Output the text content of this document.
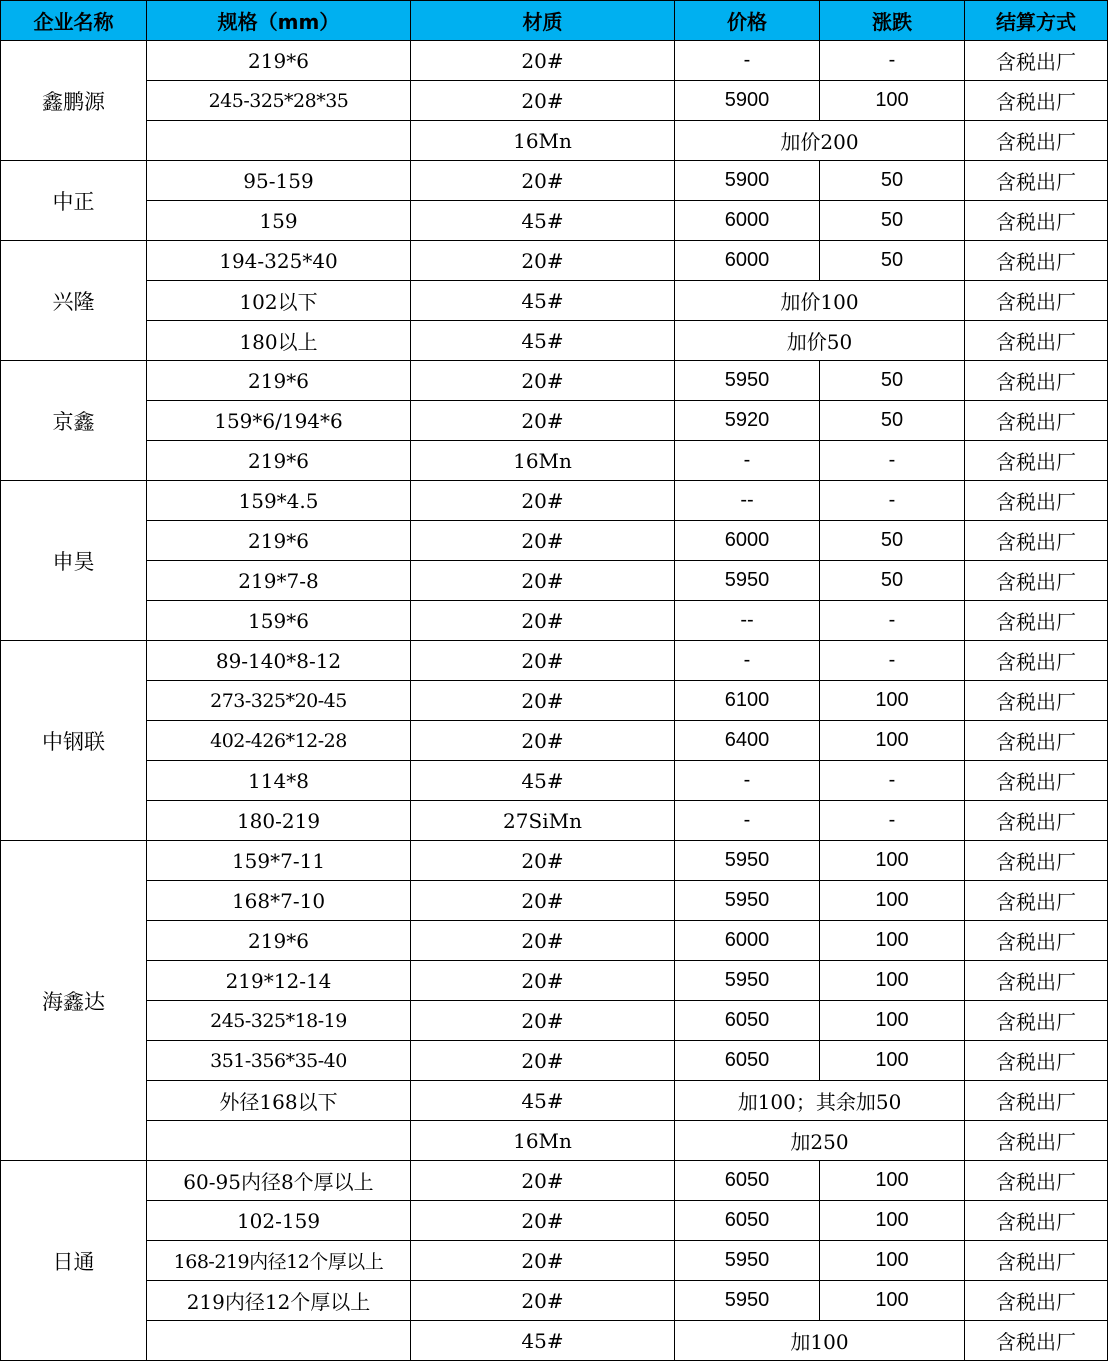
企业名称	规格（mm）	材质	价格	涨跌	结算方式
鑫鹏源	219*6	20#	-	-	含税出厂
	245-325*28*35	20#	5900	100	含税出厂
		16Mn	加价200		含税出厂
中正	95-159	20#	5900	50	含税出厂
	159	45#	6000	50	含税出厂
兴隆	194-325*40	20#	6000	50	含税出厂
	102以下	45#	加价100		含税出厂
	180以上	45#	加价50		含税出厂
京鑫	219*6	20#	5950	50	含税出厂
	159*6/194*6	20#	5920	50	含税出厂
	219*6	16Mn	-	-	含税出厂
申昊	159*4.5	20#	--	-	含税出厂
	219*6	20#	6000	50	含税出厂
	219*7-8	20#	5950	50	含税出厂
	159*6	20#	--	-	含税出厂
中钢联	89-140*8-12	20#	-	-	含税出厂
	273-325*20-45	20#	6100	100	含税出厂
	402-426*12-28	20#	6400	100	含税出厂
	114*8	45#	-	-	含税出厂
	180-219	27SiMn	-	-	含税出厂
海鑫达	159*7-11	20#	5950	100	含税出厂
	168*7-10	20#	5950	100	含税出厂
	219*6	20#	6000	100	含税出厂
	219*12-14	20#	5950	100	含税出厂
	245-325*18-19	20#	6050	100	含税出厂
	351-356*35-40	20#	6050	100	含税出厂
	外径168以下	45#	加100；其余加50		含税出厂
		16Mn	加250		含税出厂
日通	60-95内径8个厚以上	20#	6050	100	含税出厂
	102-159	20#	6050	100	含税出厂
	168-219内径12个厚以上	20#	5950	100	含税出厂
	219内径12个厚以上	20#	5950	100	含税出厂
		45#	加100		含税出厂
